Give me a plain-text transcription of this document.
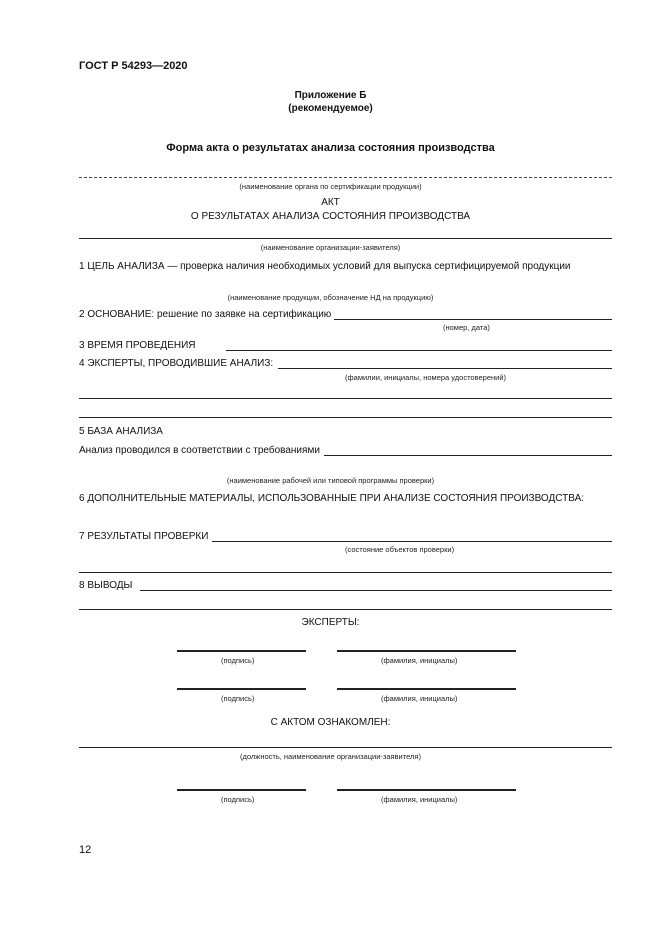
ГОСТ Р 54293—2020
Приложение Б
(рекомендуемое)
Форма акта о результатах анализа состояния производства
(наименование органа по сертификации продукции)
АКТ
О РЕЗУЛЬТАТАХ АНАЛИЗА СОСТОЯНИЯ ПРОИЗВОДСТВА
(наименование организации-заявителя)
1 ЦЕЛЬ АНАЛИЗА — проверка наличия необходимых условий для выпуска сертифицируемой продукции
(наименование продукции, обозначение НД на продукцию)
2 ОСНОВАНИЕ: решение по заявке на сертификацию
(номер, дата)
3 ВРЕМЯ ПРОВЕДЕНИЯ
4 ЭКСПЕРТЫ, ПРОВОДИВШИЕ АНАЛИЗ:
(фамилии, инициалы, номера удостоверений)
5 БАЗА АНАЛИЗА
Анализ проводился в соответствии с требованиями
(наименование рабочей или типовой программы проверки)
6 ДОПОЛНИТЕЛЬНЫЕ МАТЕРИАЛЫ, ИСПОЛЬЗОВАННЫЕ ПРИ АНАЛИЗЕ СОСТОЯНИЯ ПРОИЗВОДСТВА:
7 РЕЗУЛЬТАТЫ ПРОВЕРКИ
(состояние объектов проверки)
8 ВЫВОДЫ
ЭКСПЕРТЫ:
(подпись)	(фамилия, инициалы)
(подпись)	(фамилия, инициалы)
С АКТОМ ОЗНАКОМЛЕН:
(должность, наименование организации-заявителя)
(подпись)	(фамилия, инициалы)
12
